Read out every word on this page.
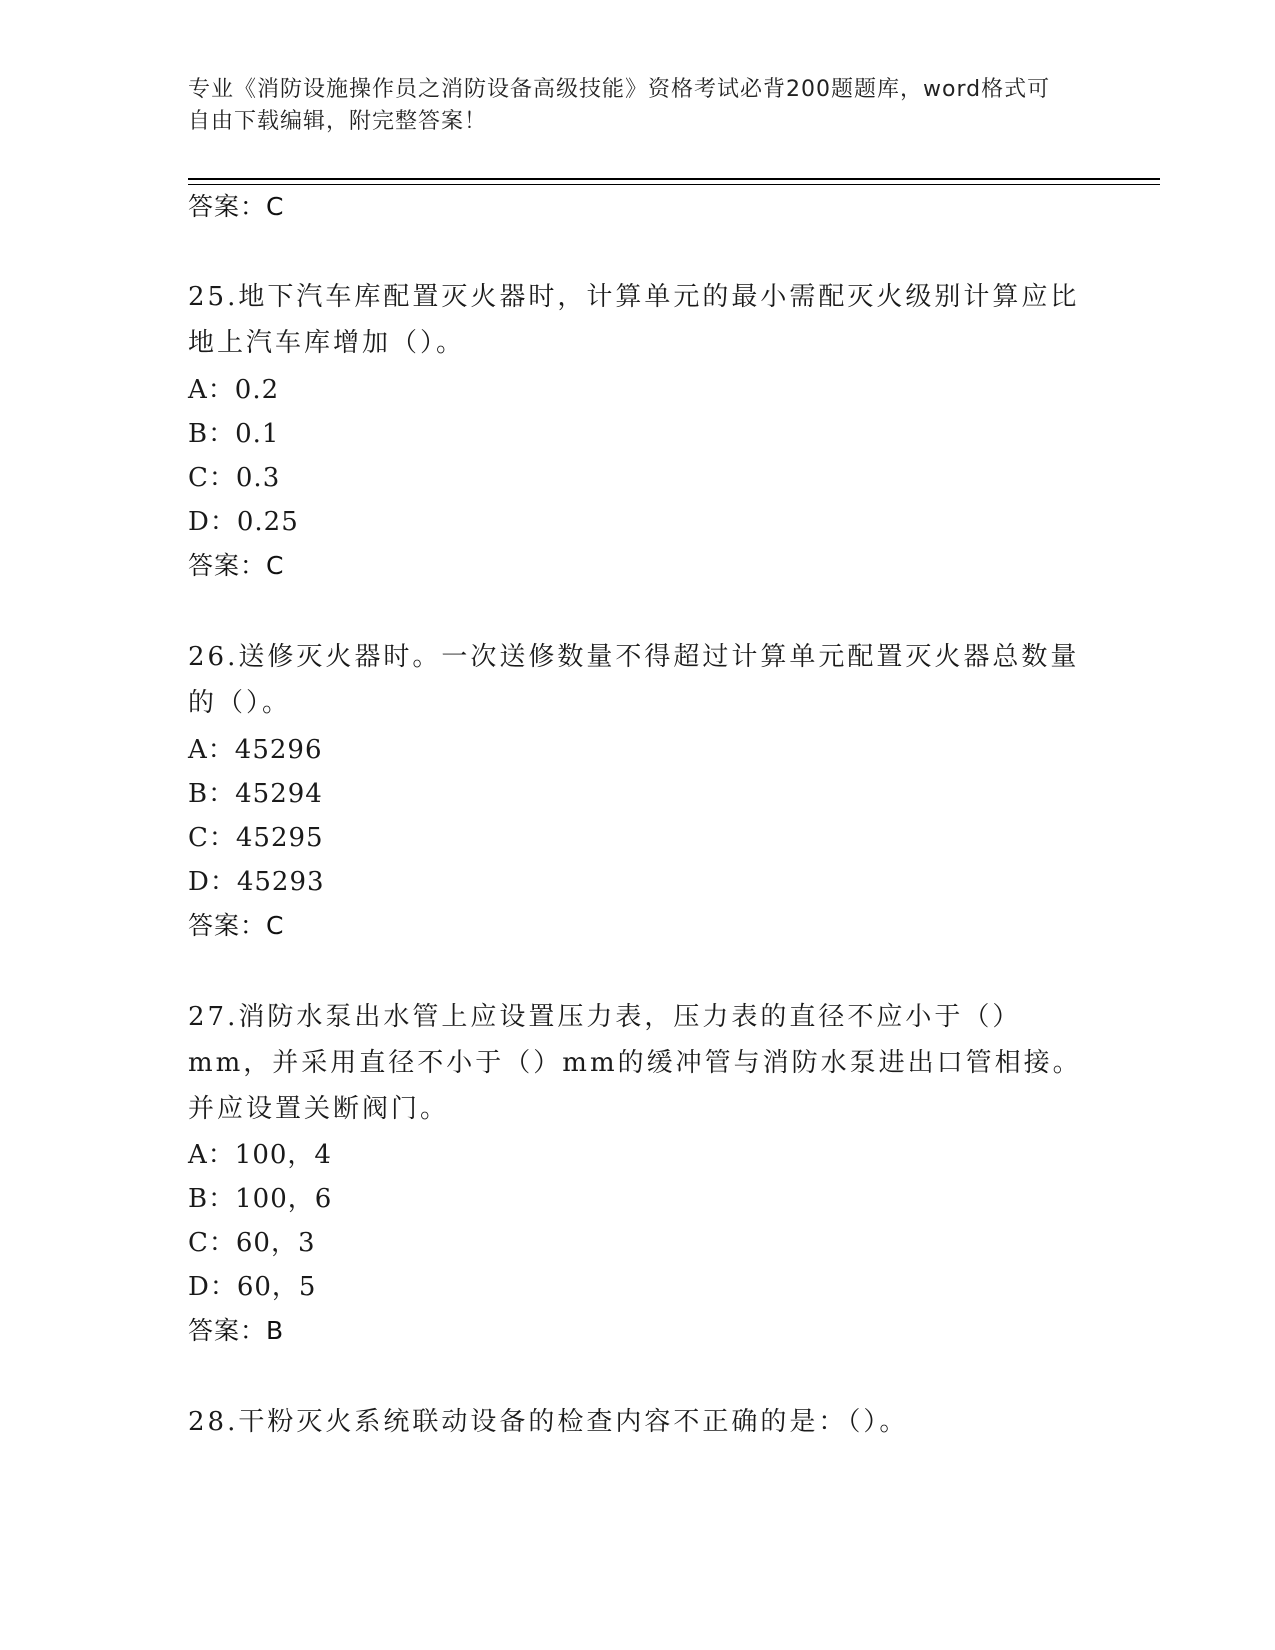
专业《消防设施操作员之消防设备高级技能》资格考试必背200题题库，word格式可自由下载编辑，附完整答案！
答案：C
25.地下汽车库配置灭火器时，计算单元的最小需配灭火级别计算应比地上汽车库增加（）。
A：0.2
B：0.1
C：0.3
D：0.25
答案：C
26.送修灭火器时。一次送修数量不得超过计算单元配置灭火器总数量的（）。
A：45296
B：45294
C：45295
D：45293
答案：C
27.消防水泵出水管上应设置压力表，压力表的直径不应小于（）mm，并采用直径不小于（）mm的缓冲管与消防水泵进出口管相接。并应设置关断阀门。
A：100，4
B：100，6
C：60，3
D：60，5
答案：B
28.干粉灭火系统联动设备的检查内容不正确的是：（）。
